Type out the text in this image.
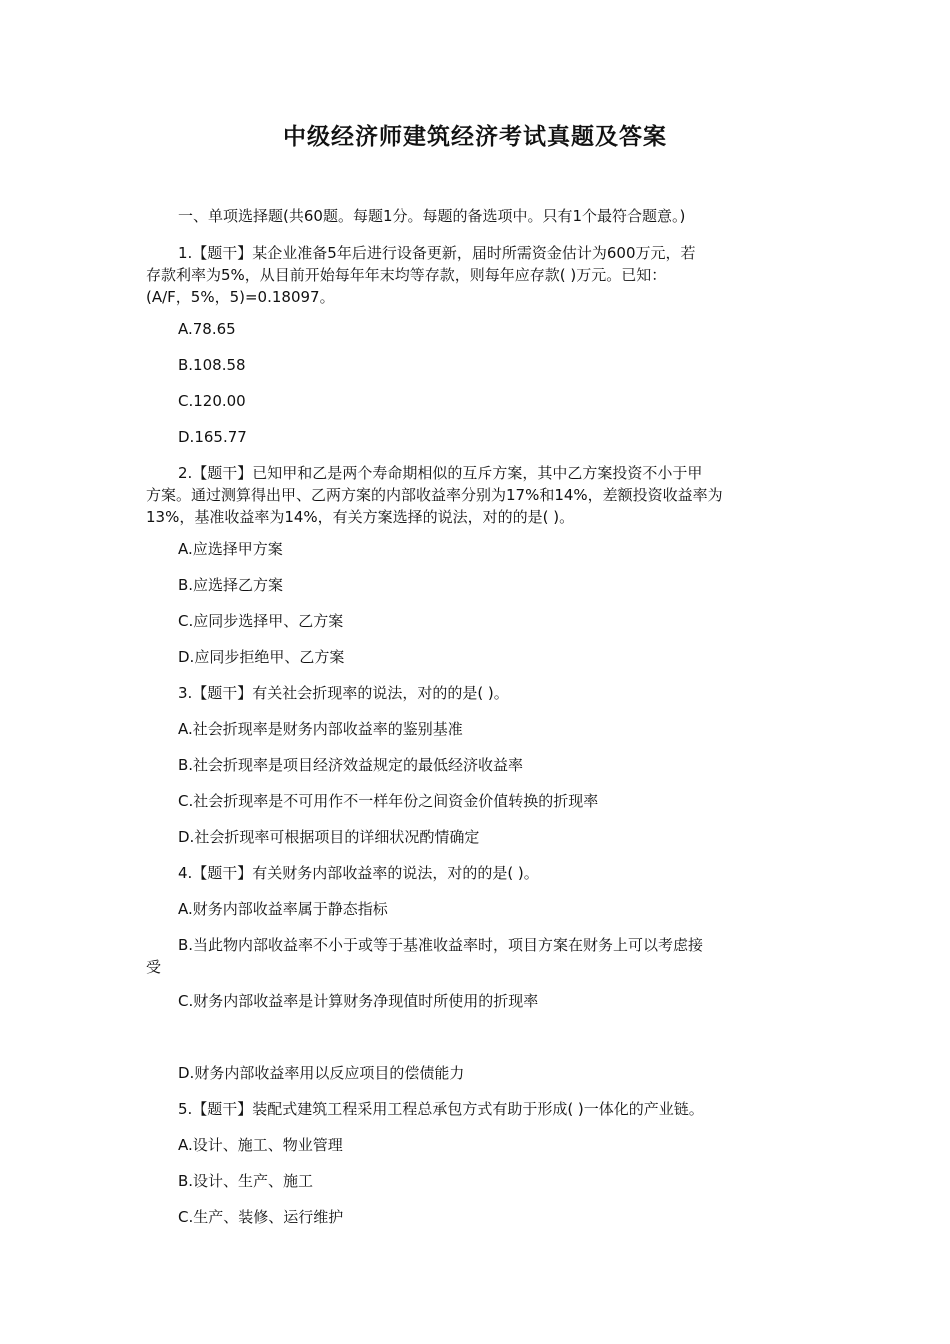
中级经济师建筑经济考试真题及答案
一、单项选择题(共60题。每题1分。每题的备选项中。只有1个最符合题意。)
1.【题干】某企业准备5年后进行设备更新，届时所需资金估计为600万元，若
存款利率为5%，从目前开始每年年末均等存款，则每年应存款( )万元。已知：
(A/F，5%，5)=0.18097。
A.78.65
B.108.58
C.120.00
D.165.77
2.【题干】已知甲和乙是两个寿命期相似的互斥方案，其中乙方案投资不小于甲
方案。通过测算得出甲、乙两方案的内部收益率分别为17%和14%，差额投资收益率为
13%，基准收益率为14%，有关方案选择的说法，对的的是( )。
A.应选择甲方案
B.应选择乙方案
C.应同步选择甲、乙方案
D.应同步拒绝甲、乙方案
3.【题干】有关社会折现率的说法，对的的是( )。
A.社会折现率是财务内部收益率的鉴别基准
B.社会折现率是项目经济效益规定的最低经济收益率
C.社会折现率是不可用作不一样年份之间资金价值转换的折现率
D.社会折现率可根据项目的详细状况酌情确定
4.【题干】有关财务内部收益率的说法，对的的是( )。
A.财务内部收益率属于静态指标
B.当此物内部收益率不小于或等于基准收益率时，项目方案在财务上可以考虑接
受
C.财务内部收益率是计算财务净现值时所使用的折现率
D.财务内部收益率用以反应项目的偿债能力
5.【题干】装配式建筑工程采用工程总承包方式有助于形成( )一体化的产业链。
A.设计、施工、物业管理
B.设计、生产、施工
C.生产、装修、运行维护
